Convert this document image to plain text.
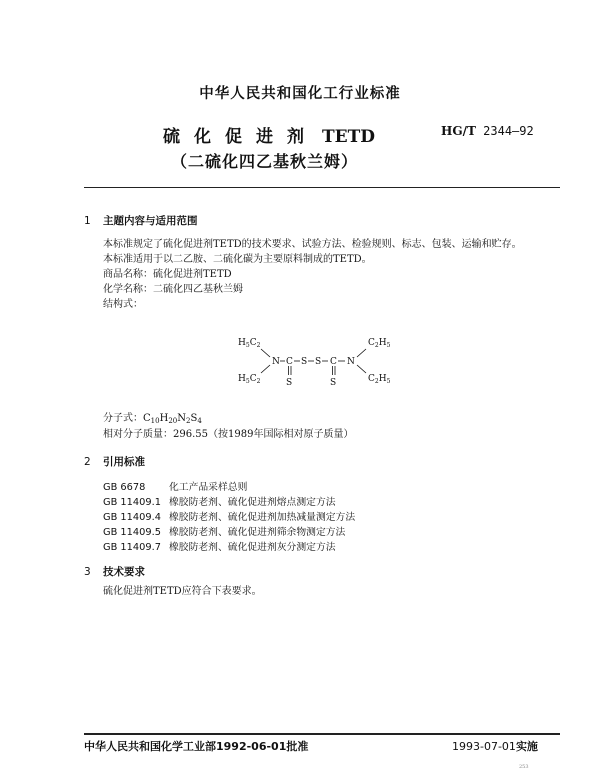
中华人民共和国化工行业标准
硫化促进剂 TETD
（二硫化四乙基秋兰姆）
HG/T 2344—92
1 主题内容与适用范围
本标准规定了硫化促进剂TETD的技术要求、试验方法、检验规则、标志、包装、运输和贮存。
本标准适用于以二乙胺、二硫化碳为主要原料制成的TETD。
商品名称：硫化促进剂TETD
化学名称：二硫化四乙基秋兰姆
结构式：
$H_5C_2$
$H_5C_2$
$C_2H_5$
$C_2H_5$
N C S S C N
S	S
分子式：$C_{10}H_{20}N_2S_4$
相对分子质量：296.55（按1989年国际相对原子质量）
2 引用标准
GB 6678 化工产品采样总则
GB 11409.1 橡胶防老剂、硫化促进剂熔点测定方法
GB 11409.4 橡胶防老剂、硫化促进剂加热减量测定方法
GB 11409.5 橡胶防老剂、硫化促进剂筛余物测定方法
GB 11409.7 橡胶防老剂、硫化促进剂灰分测定方法
3 技术要求
硫化促进剂TETD应符合下表要求。
中华人民共和国化学工业部1992-06-01批准	1993-07-01实施
253
